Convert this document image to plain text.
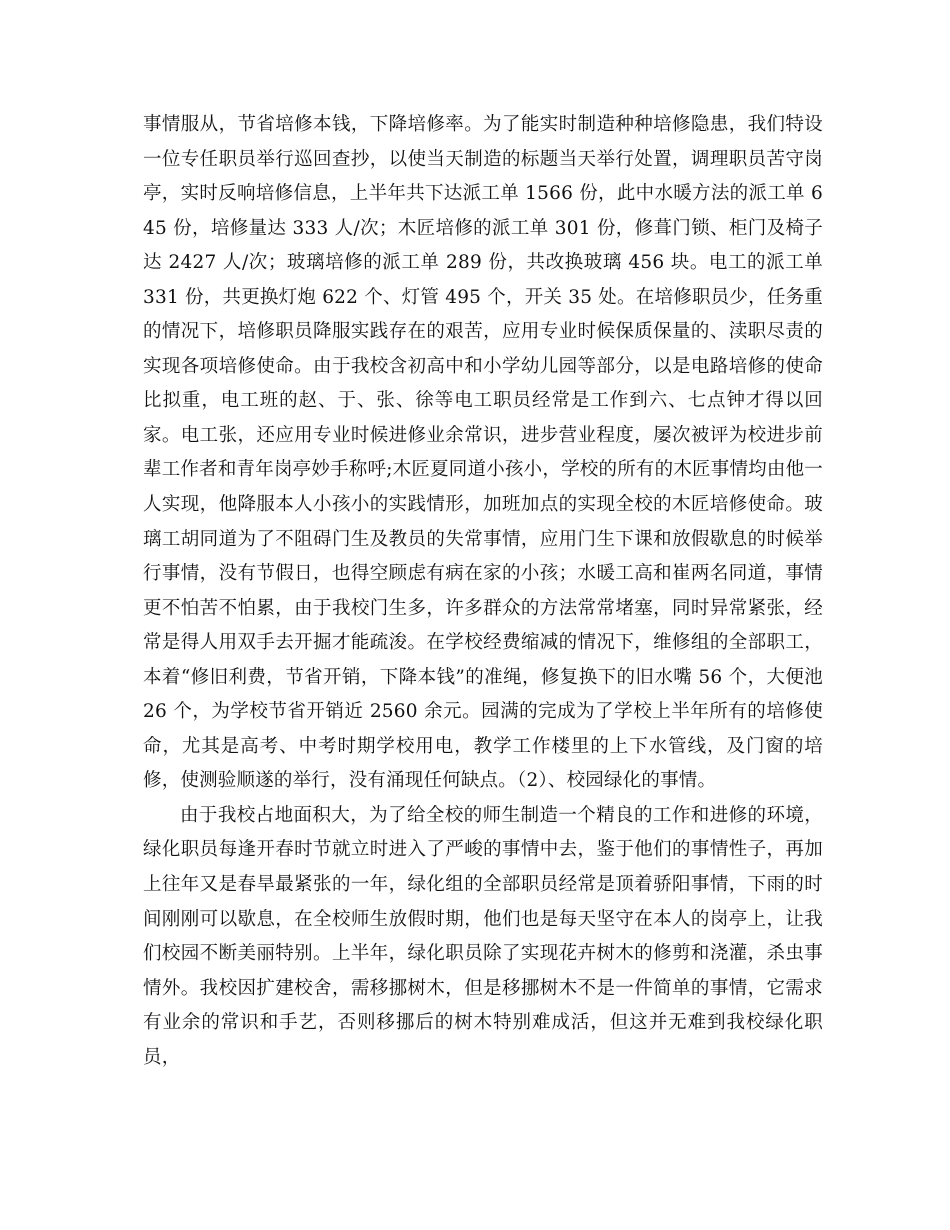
事情服从，节省培修本钱，下降培修率。为了能实时制造种种培修隐患，我们特设一位专任职员举行巡回查抄，以使当天制造的标题当天举行处置，调理职员苦守岗亭，实时反响培修信息，上半年共下达派工单 1566 份，此中水暖方法的派工单 645 份，培修量达 333 人/次；木匠培修的派工单 301 份，修葺门锁、柜门及椅子达 2427 人/次；玻璃培修的派工单 289 份，共改换玻璃 456 块。电工的派工单 331 份，共更换灯炮 622 个、灯管 495 个，开关 35 处。在培修职员少，任务重的情况下，培修职员降服实践存在的艰苦，应用专业时候保质保量的、渎职尽责的实现各项培修使命。由于我校含初高中和小学幼儿园等部分，以是电路培修的使命比拟重，电工班的赵、于、张、徐等电工职员经常是工作到六、七点钟才得以回家。电工张，还应用专业时候进修业余常识，进步营业程度，屡次被评为校进步前辈工作者和青年岗亭妙手称呼;木匠夏同道小孩小，学校的所有的木匠事情均由他一人实现，他降服本人小孩小的实践情形，加班加点的实现全校的木匠培修使命。玻璃工胡同道为了不阻碍门生及教员的失常事情，应用门生下课和放假歇息的时候举行事情，没有节假日，也得空顾虑有病在家的小孩；水暖工高和崔两名同道，事情更不怕苦不怕累，由于我校门生多，许多群众的方法常常堵塞，同时异常紧张，经常是得人用双手去开掘才能疏浚。在学校经费缩减的情况下，维修组的全部职工，本着“修旧利费，节省开销，下降本钱”的准绳，修复换下的旧水嘴 56 个，大便池 26 个，为学校节省开销近 2560 余元。园满的完成为了学校上半年所有的培修使命，尤其是高考、中考时期学校用电，教学工作楼里的上下水管线，及门窗的培修，使测验顺遂的举行，没有涌现任何缺点。（2）、校园绿化的事情。

由于我校占地面积大，为了给全校的师生制造一个精良的工作和进修的环境，绿化职员每逢开春时节就立时进入了严峻的事情中去，鉴于他们的事情性子，再加上往年又是春旱最紧张的一年，绿化组的全部职员经常是顶着骄阳事情，下雨的时间刚刚可以歇息，在全校师生放假时期，他们也是每天坚守在本人的岗亭上，让我们校园不断美丽特别。上半年，绿化职员除了实现花卉树木的修剪和浇灌，杀虫事情外。我校因扩建校舍，需移挪树木，但是移挪树木不是一件简单的事情，它需求有业余的常识和手艺，否则移挪后的树木特别难成活，但这并无难到我校绿化职员，
